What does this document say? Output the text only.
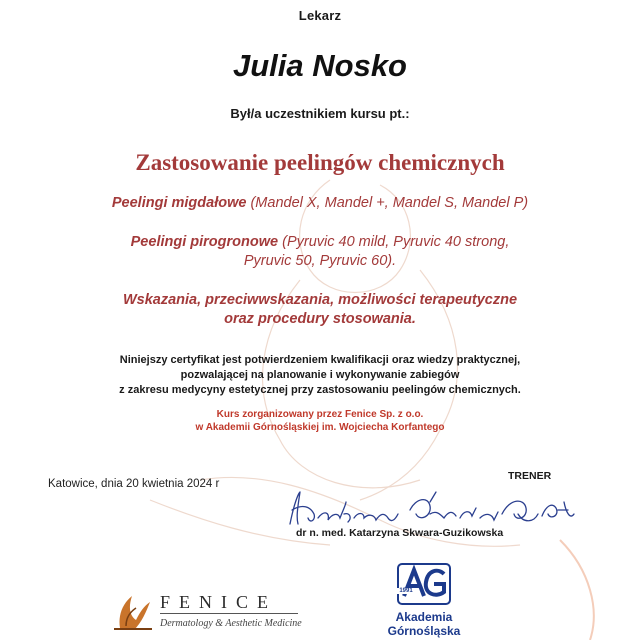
Lekarz
Julia Nosko
Był/a uczestnikiem kursu pt.:
Zastosowanie peelingów chemicznych
Peelingi migdałowe (Mandel X, Mandel +, Mandel S, Mandel P)
Peelingi pirogronowe (Pyruvic 40 mild, Pyruvic 40 strong,
Pyruvic 50, Pyruvic 60).
Wskazania, przeciwwskazania, możliwości terapeutyczne
oraz procedury stosowania.
Niniejszy certyfikat jest potwierdzeniem kwalifikacji oraz wiedzy praktycznej,
pozwalającej na planowanie i wykonywanie zabiegów
z zakresu medycyny estetycznej przy zastosowaniu peelingów chemicznych.
Kurs zorganizowany przez Fenice Sp. z o.o.
w Akademii Górnośląskiej im. Wojciecha Korfantego
Katowice, dnia 20 kwietnia 2024 r
TRENER
dr n. med. Katarzyna Skwara-Guzikowska
FENICE
Dermatology & Aesthetic Medicine
1991
Akademia
Górnośląska
